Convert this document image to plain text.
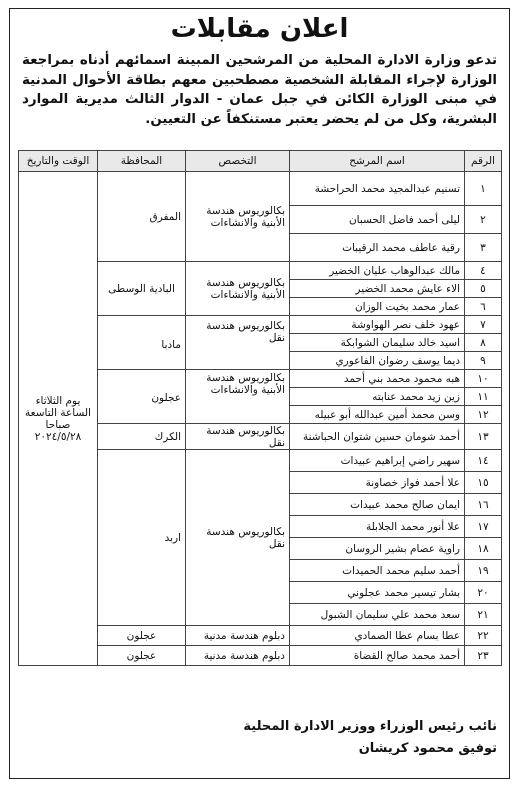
اعلان مقابلات
تدعو وزارة الادارة المحلية من المرشحين المبينة اسمائهم أدناه بمراجعة الوزارة لإجراء المقابلة الشخصية مصطحبين معهم بطاقة الأحوال المدنية في مبنى الوزارة الكائن في جبل عمان - الدوار الثالث مديرية الموارد البشرية، وكل من لم يحضر يعتبر مستنكفاً عن التعيين.
الرقم	اسم المرشح	التخصص	المحافظة	الوقت والتاريخ
١	تسنيم عبدالمجيد محمد الحراحشة	بكالوريوس هندسة الأبنية والانشاءات	المفرق	يوم الثلاثاء الساعة التاسعة صباحا ٢٠٢٤/٥/٢٨
٢	ليلى أحمد فاضل الحسبان			
٣	رقية عاطف محمد الرقيبات			
٤	مالك عبدالوهاب عليان الخضير	بكالوريوس هندسة الأبنية والانشاءات	البادية الوسطى	
٥	الاء عايش محمد الخضير			
٦	عمار محمد بخيت الوزان			
٧	عهود خلف نصر الهواوشة	بكالوريوس هندسة نقل	مادبا	
٨	اسيد خالد سليمان الشوابكة			
٩	ديما يوسف رضوان الفاعوري			
١٠	هبه محمود محمد بني أحمد	بكالوريوس هندسة الأبنية والانشاءات	عجلون	
١١	زين زيد محمد عنابته			
١٢	وسن محمد أمين عبدالله أبو عبيله			
١٣	أحمد شومان حسين شتوان الحباشنة	بكالوريوس هندسة نقل	الكرك	
١٤	سهير راضي إبراهيم عبيدات	بكالوريوس هندسة نقل	اربد	
١٥	علا أحمد فواز خصاونة			
١٦	ايمان صالح محمد عبيدات			
١٧	علا أنور محمد الجلابلة			
١٨	راوية عصام بشير الروسان			
١٩	أحمد سليم محمد الحميدات			
٢٠	بشار تيسير محمد عجلوني			
٢١	سعد محمد علي سليمان الشبول			
٢٢	عطا بسام عطا الصمادي	دبلوم هندسة مدنية	عجلون	
٢٣	أحمد محمد صالح القضاة	دبلوم هندسة مدنية	عجلون	
نائب رئيس الوزراء ووزير الادارة المحلية
توفيق محمود كريشان
